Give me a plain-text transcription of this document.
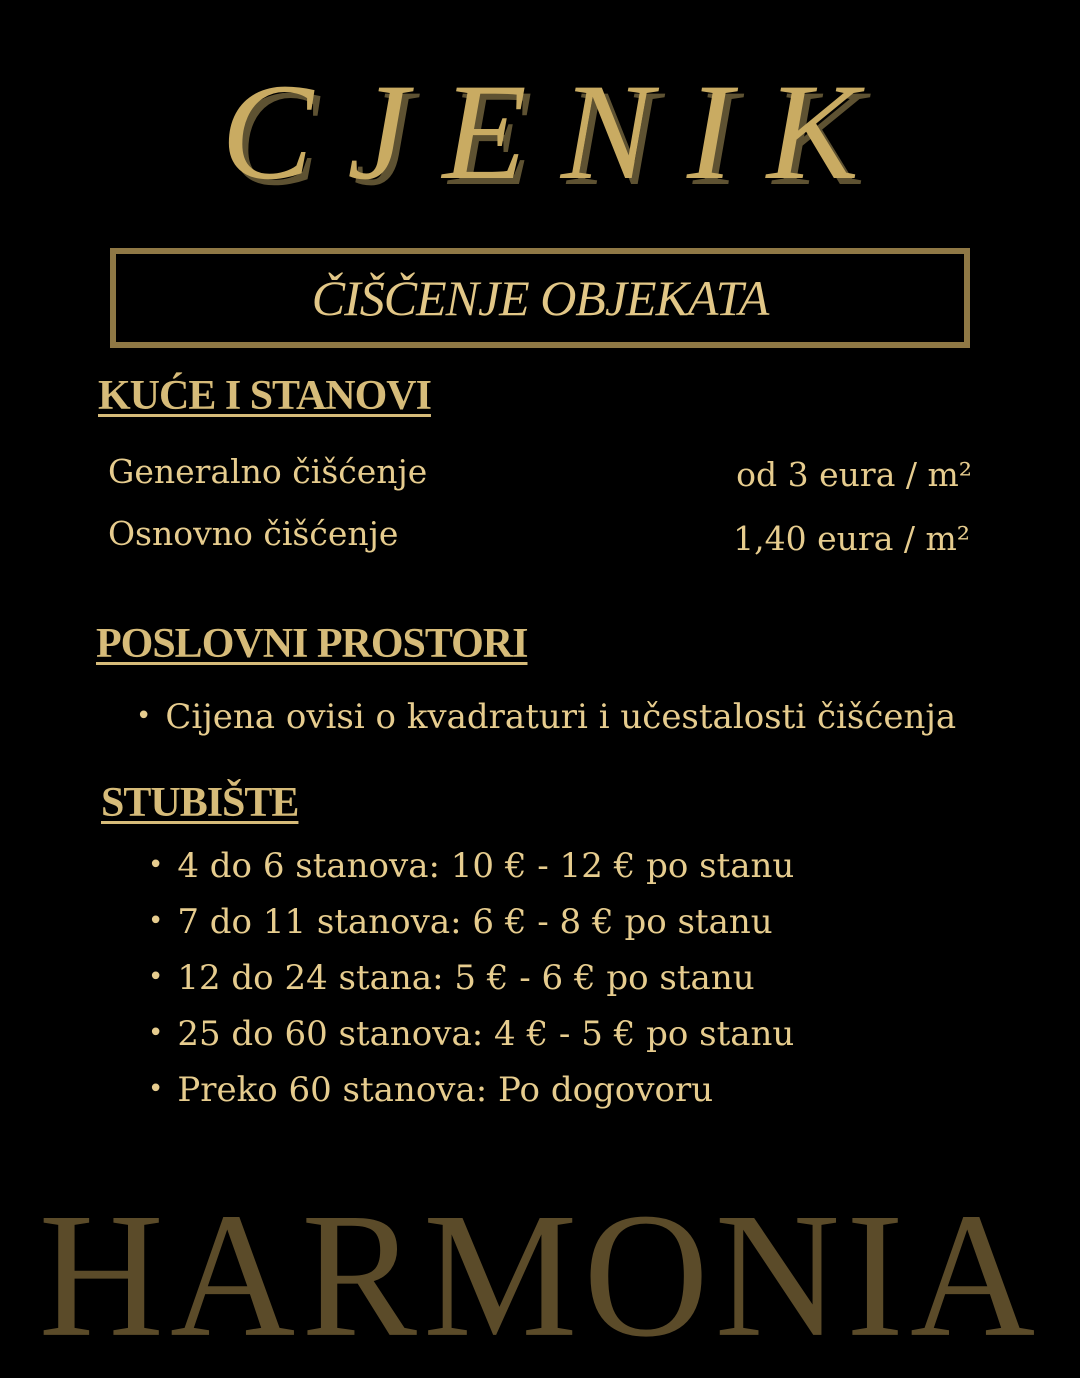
CJENIK
ČIŠČENJE OBJEKATA
KUĆE I STANOVI
Generalno čišćenje	od 3 eura / m²
Osnovno čišćenje	1,40 eura / m²
POSLOVNI PROSTORI
• Cijena ovisi o kvadraturi i učestalosti čišćenja
STUBIŠTE
• 4 do 6 stanova: 10 € - 12 € po stanu
• 7 do 11 stanova: 6 € - 8 € po stanu
• 12 do 24 stana: 5 € - 6 € po stanu
• 25 do 60 stanova: 4 € - 5 € po stanu
• Preko 60 stanova: Po dogovoru
HARMONIA
